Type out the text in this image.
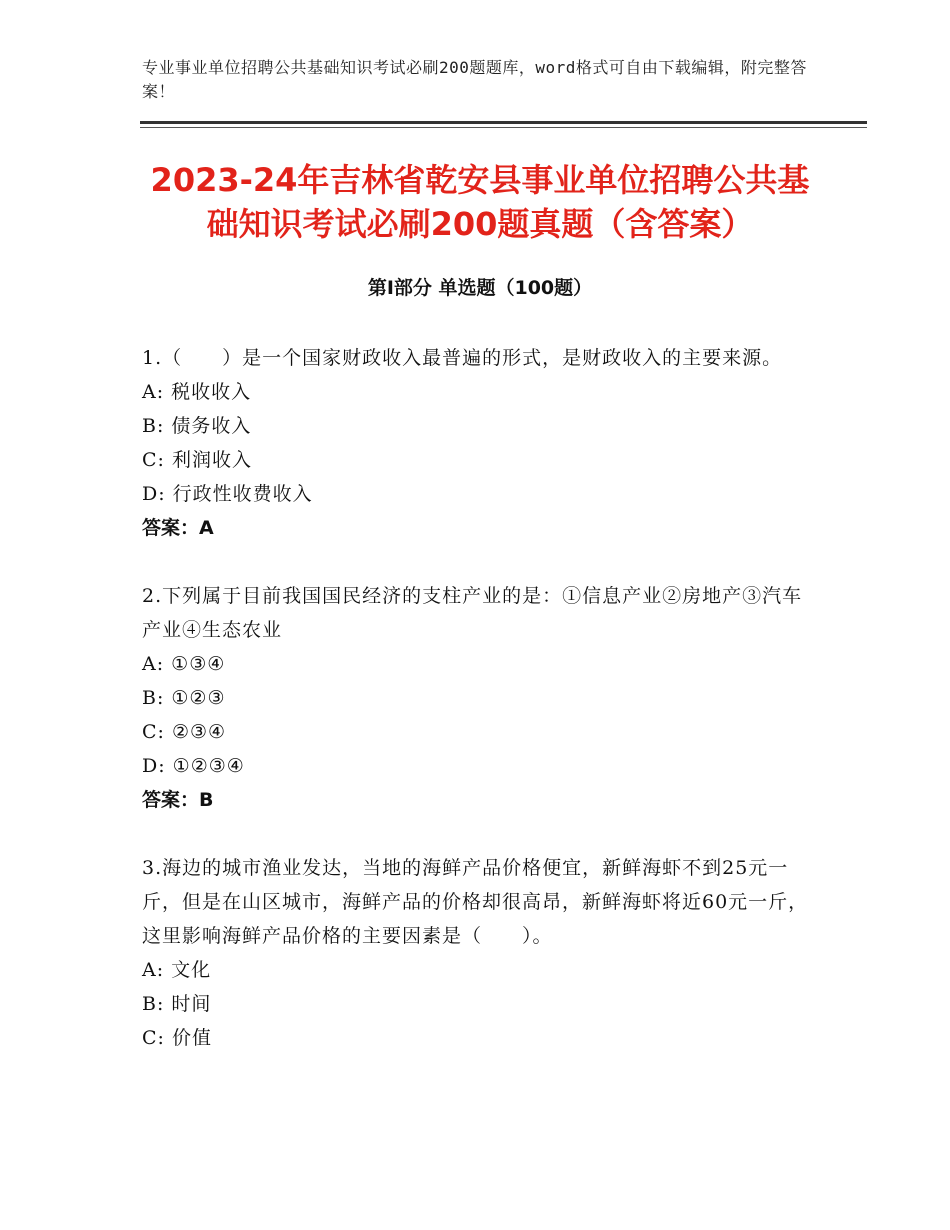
专业事业单位招聘公共基础知识考试必刷200题题库，word格式可自由下载编辑，附完整答案！
2023-24年吉林省乾安县事业单位招聘公共基础知识考试必刷200题真题（含答案）
第Ⅰ部分 单选题（100题）
1.（　　）是一个国家财政收入最普遍的形式，是财政收入的主要来源。
A: 税收收入
B: 债务收入
C: 利润收入
D: 行政性收费收入
答案：A
2.下列属于目前我国国民经济的支柱产业的是：①信息产业②房地产③汽车产业④生态农业
A: ①③④
B: ①②③
C: ②③④
D: ①②③④
答案：B
3.海边的城市渔业发达，当地的海鲜产品价格便宜，新鲜海虾不到25元一斤，但是在山区城市，海鲜产品的价格却很高昂，新鲜海虾将近60元一斤，这里影响海鲜产品价格的主要因素是（　　）。
A: 文化
B: 时间
C: 价值
